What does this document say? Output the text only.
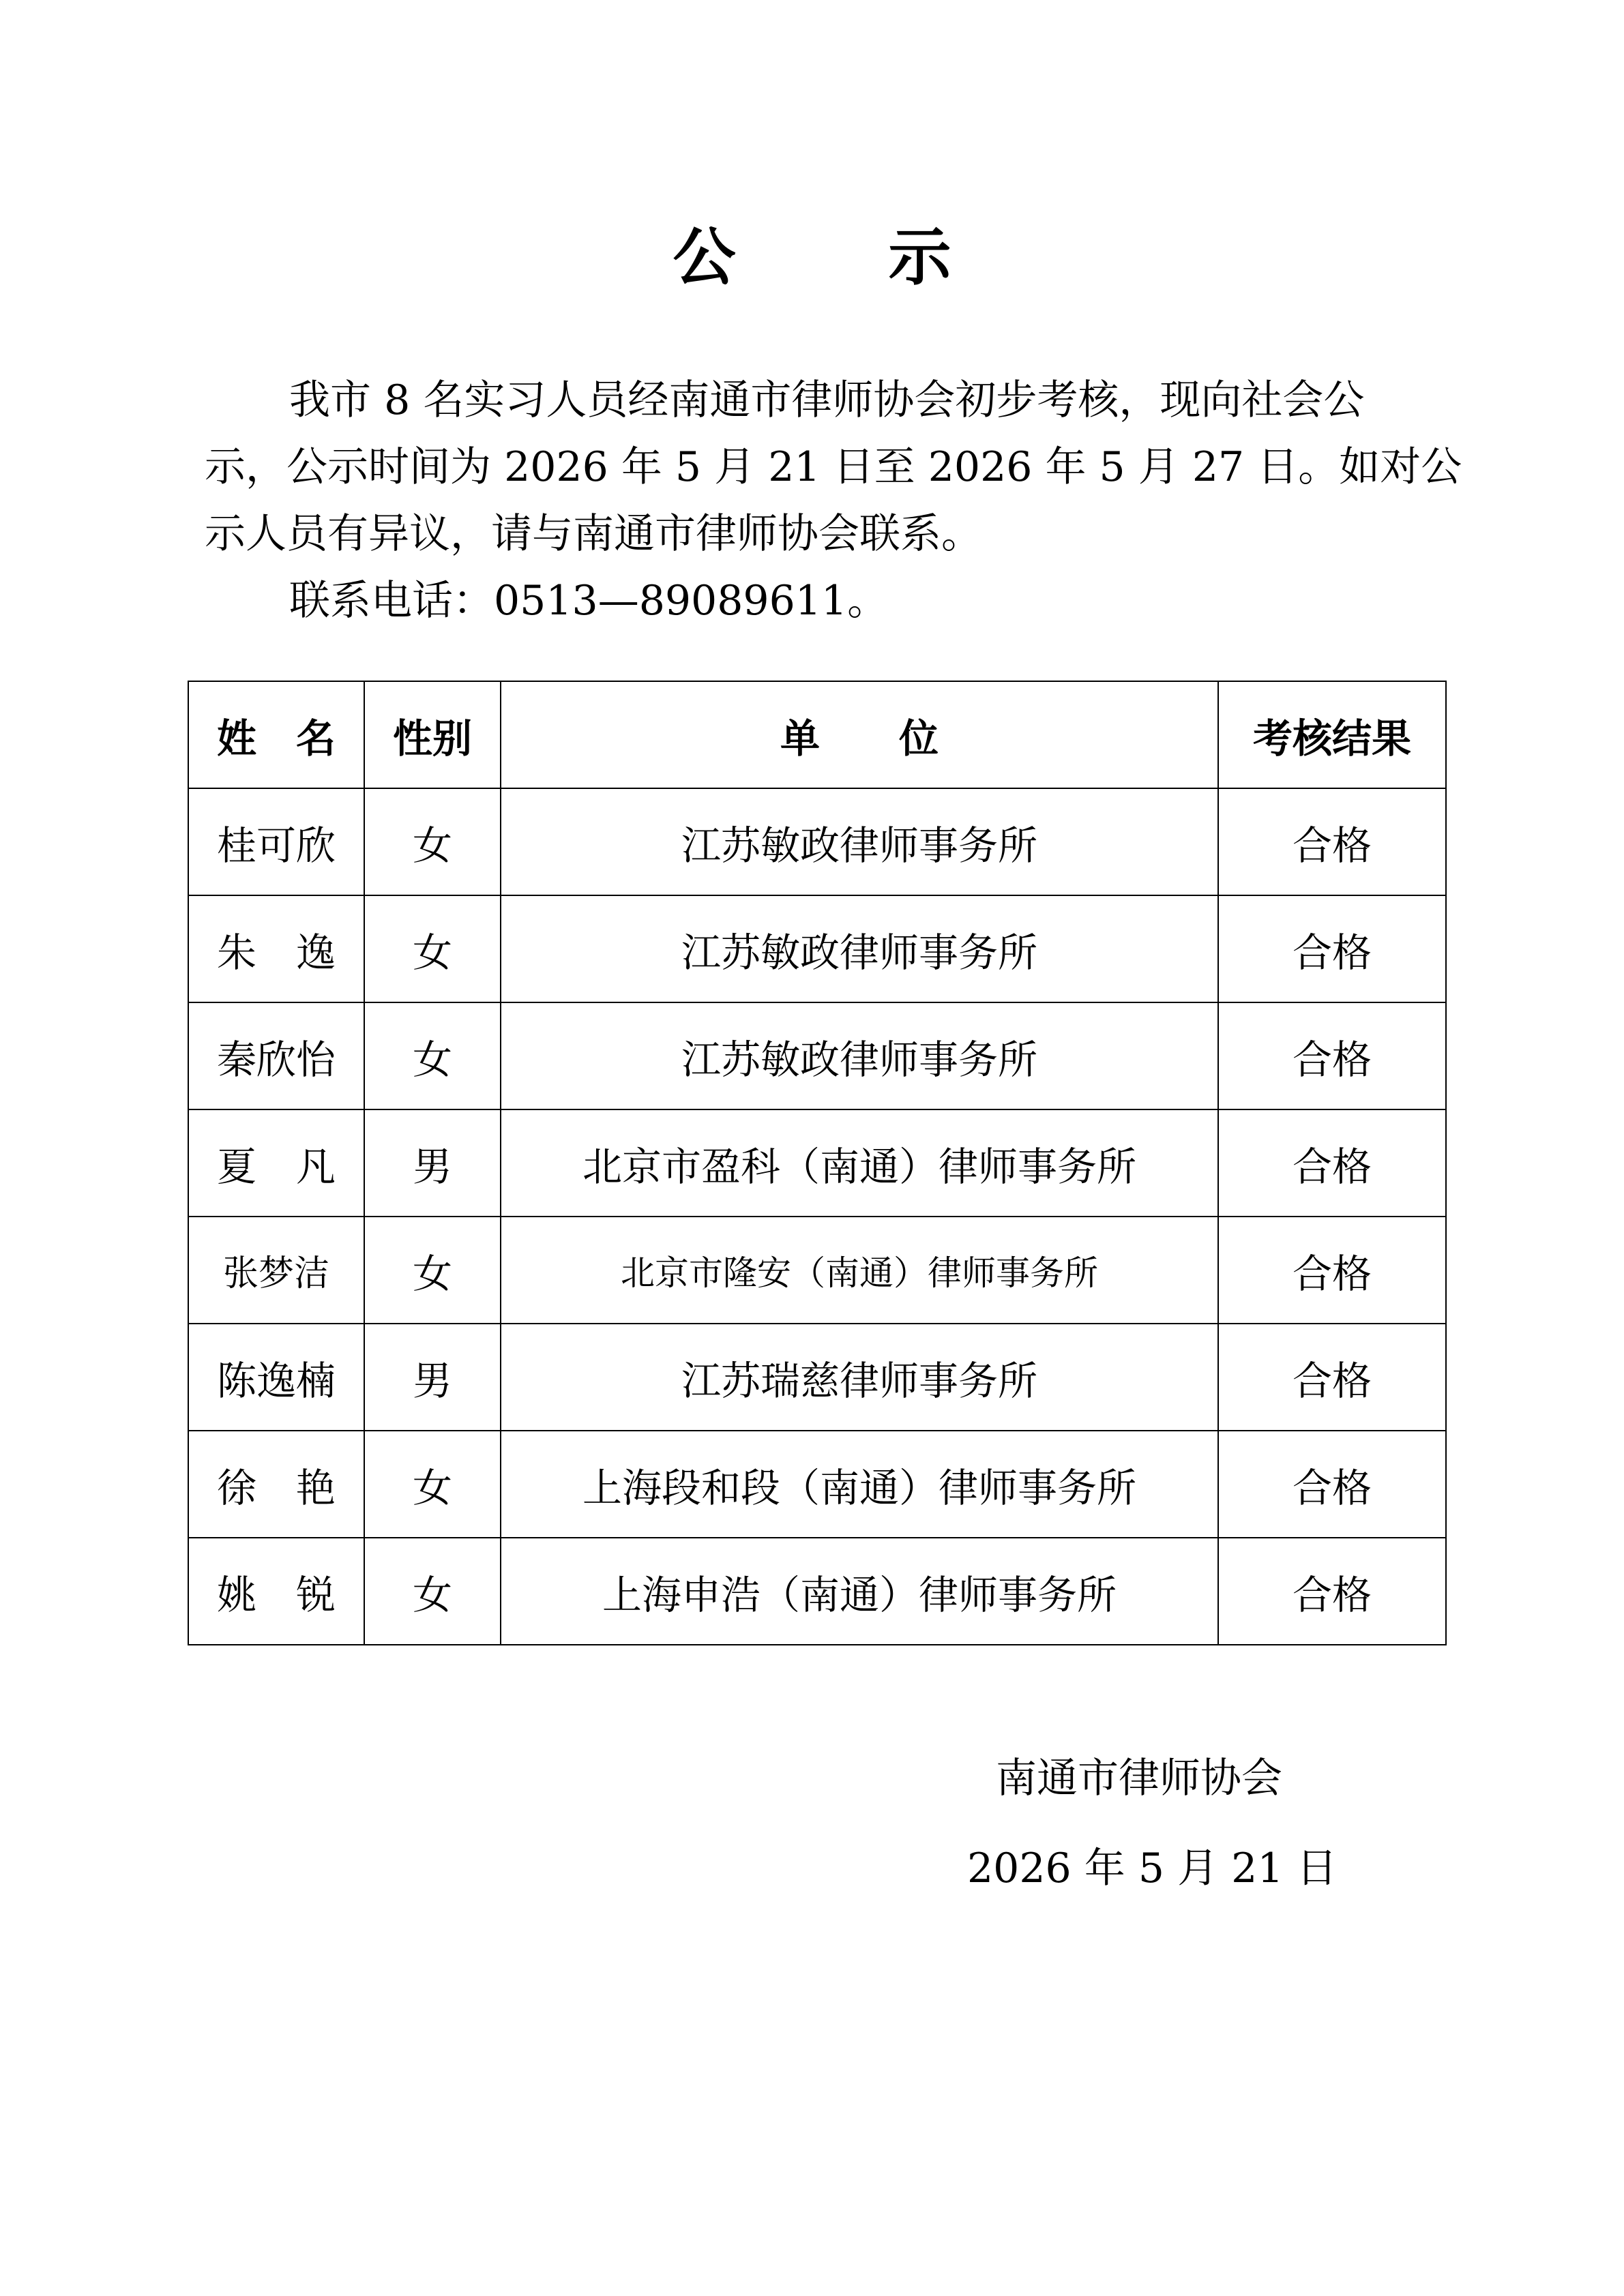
公 示
我市 8 名实习人员经南通市律师协会初步考核，现向社会公
示，公示时间为 2026 年 5 月 21 日至 2026 年 5 月 27 日。如对公
示人员有异议，请与南通市律师协会联系。
联系电话：0513—89089611。
姓　名	性别	单　　位	考核结果
桂可欣	女	江苏敏政律师事务所	合格
朱　逸	女	江苏敏政律师事务所	合格
秦欣怡	女	江苏敏政律师事务所	合格
夏　凡	男	北京市盈科（南通）律师事务所	合格
张梦洁	女	北京市隆安（南通）律师事务所	合格
陈逸楠	男	江苏瑞慈律师事务所	合格
徐　艳	女	上海段和段（南通）律师事务所	合格
姚　锐	女	上海申浩（南通）律师事务所	合格
南通市律师协会
2026 年 5 月 21 日
